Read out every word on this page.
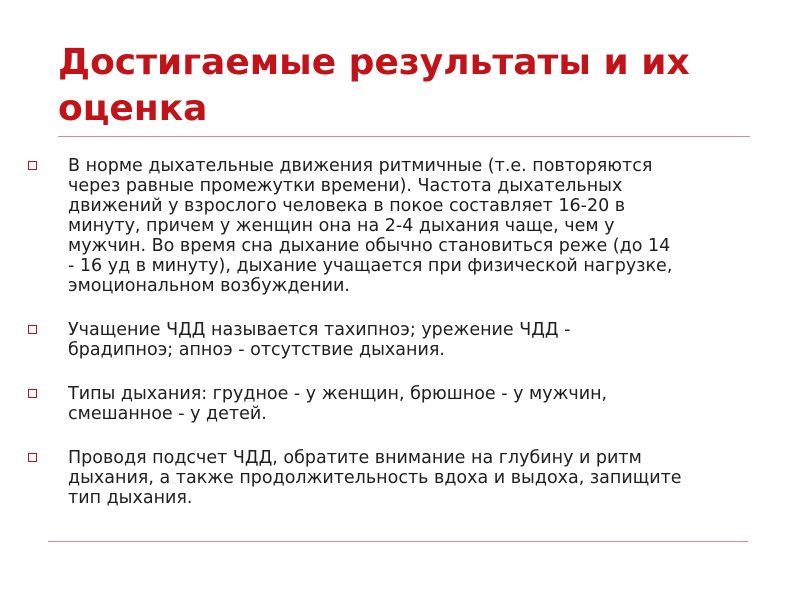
Достигаемые результаты и их
оценка
В норме дыхательные движения ритмичные (т.е. повторяются
через равные промежутки времени). Частота дыхательных
движений у взрослого человека в покое составляет 16-20 в
минуту, причем у женщин она на 2-4 дыхания чаще, чем у
мужчин. Во время сна дыхание обычно становиться реже (до 14
- 16 уд в минуту), дыхание учащается при физической нагрузке,
эмоциональном возбуждении.
Учащение ЧДД называется тахипноэ; урежение ЧДД -
брадипноэ; апноэ - отсутствие дыхания.
Типы дыхания: грудное - у женщин, брюшное - у мужчин,
смешанное - у детей.
Проводя подсчет ЧДД, обратите внимание на глубину и ритм
дыхания, а также продолжительность вдоха и выдоха, запищите
тип дыхания.
